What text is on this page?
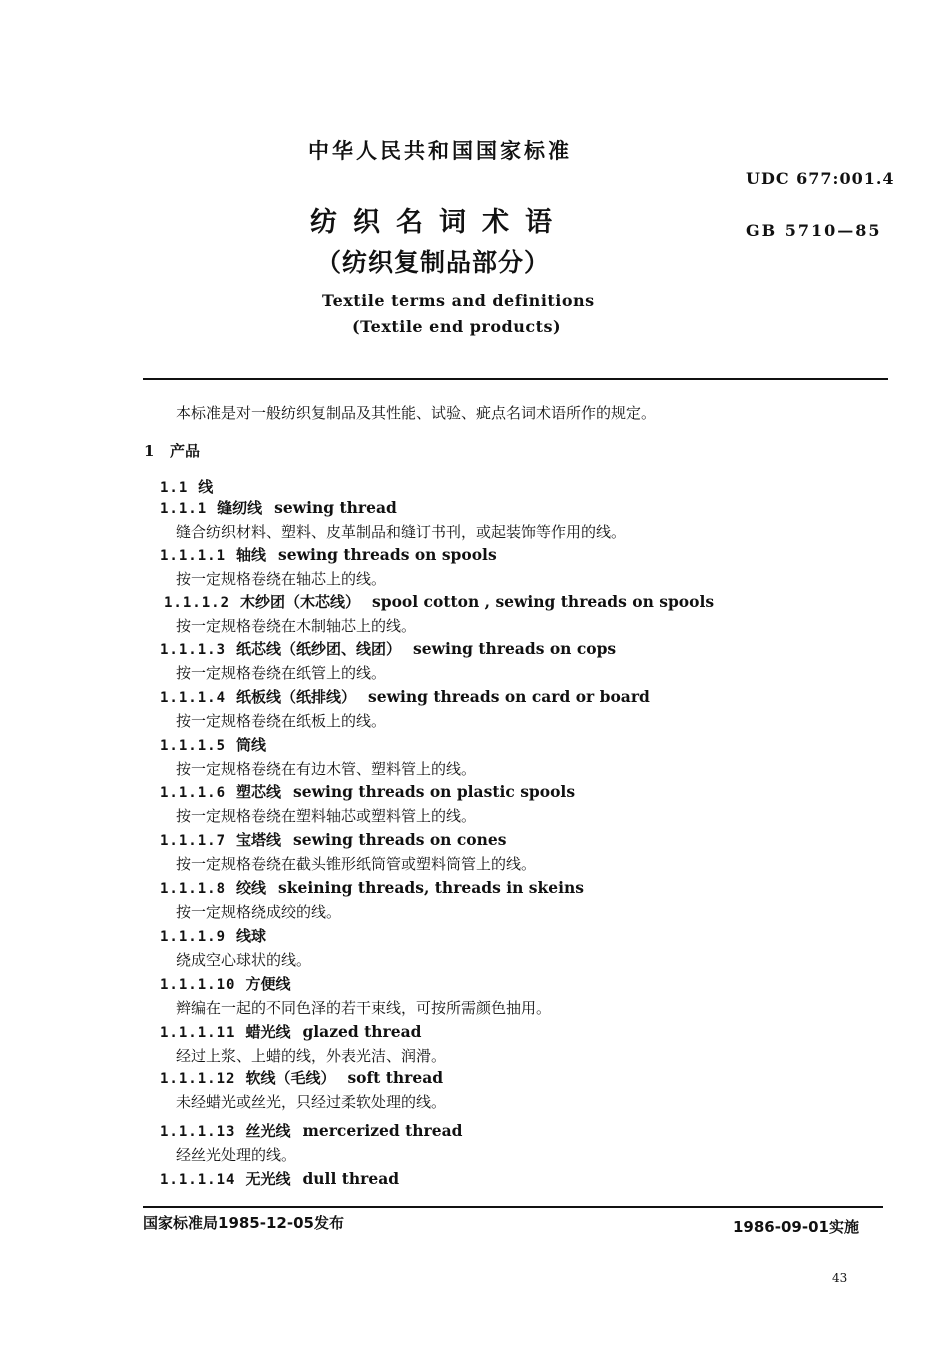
中华人民共和国国家标准
UDC 677:001.4
纺织名词术语	GB 5710—85
（纺织复制品部分）
Textile terms and definitions
(Textile end products)
本标准是对一般纺织复制品及其性能、试验、疵点名词术语所作的规定。
1 产品
1.1 线
1.1.1 缝纫线 sewing thread
缝合纺织材料、塑料、皮革制品和缝订书刊，或起装饰等作用的线。
1.1.1.1 轴线 sewing threads on spools
按一定规格卷绕在轴芯上的线。
1.1.1.2 木纱团（木芯线） spool cotton , sewing threads on spools
按一定规格卷绕在木制轴芯上的线。
1.1.1.3 纸芯线（纸纱团、线团） sewing threads on cops
按一定规格卷绕在纸管上的线。
1.1.1.4 纸板线（纸排线） sewing threads on card or board
按一定规格卷绕在纸板上的线。
1.1.1.5 筒线
按一定规格卷绕在有边木管、塑料管上的线。
1.1.1.6 塑芯线 sewing threads on plastic spools
按一定规格卷绕在塑料轴芯或塑料管上的线。
1.1.1.7 宝塔线 sewing threads on cones
按一定规格卷绕在截头锥形纸筒管或塑料筒管上的线。
1.1.1.8 绞线 skeining threads, threads in skeins
按一定规格绕成绞的线。
1.1.1.9 线球
绕成空心球状的线。
1.1.1.10 方便线
辫编在一起的不同色泽的若干束线，可按所需颜色抽用。
1.1.1.11 蜡光线 glazed thread
经过上浆、上蜡的线，外表光洁、润滑。
1.1.1.12 软线（毛线） soft thread
未经蜡光或丝光，只经过柔软处理的线。
1.1.1.13 丝光线 mercerized thread
经丝光处理的线。
1.1.1.14 无光线 dull thread
国家标准局1985-12-05发布	1986-09-01实施
43
